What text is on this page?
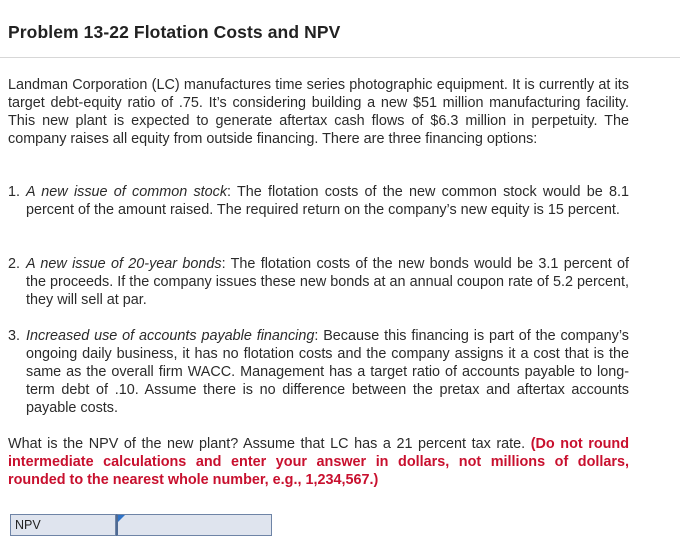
Problem 13-22 Flotation Costs and NPV

Landman Corporation (LC) manufactures time series photographic equipment. It is currently at its target debt-equity ratio of .75. It’s considering building a new $51 million manufacturing facility. This new plant is expected to generate aftertax cash flows of $6.3 million in perpetuity. The company raises all equity from outside financing. There are three financing options:

1. A new issue of common stock: The flotation costs of the new common stock would be 8.1 percent of the amount raised. The required return on the company’s new equity is 15 percent.
2. A new issue of 20-year bonds: The flotation costs of the new bonds would be 3.1 percent of the proceeds. If the company issues these new bonds at an annual coupon rate of 5.2 percent, they will sell at par.
3. Increased use of accounts payable financing: Because this financing is part of the company’s ongoing daily business, it has no flotation costs and the company assigns it a cost that is the same as the overall firm WACC. Management has a target ratio of accounts payable to long-term debt of .10. Assume there is no difference between the pretax and aftertax accounts payable costs.

What is the NPV of the new plant? Assume that LC has a 21 percent tax rate. (Do not round intermediate calculations and enter your answer in dollars, not millions of dollars, rounded to the nearest whole number, e.g., 1,234,567.)

NPV
